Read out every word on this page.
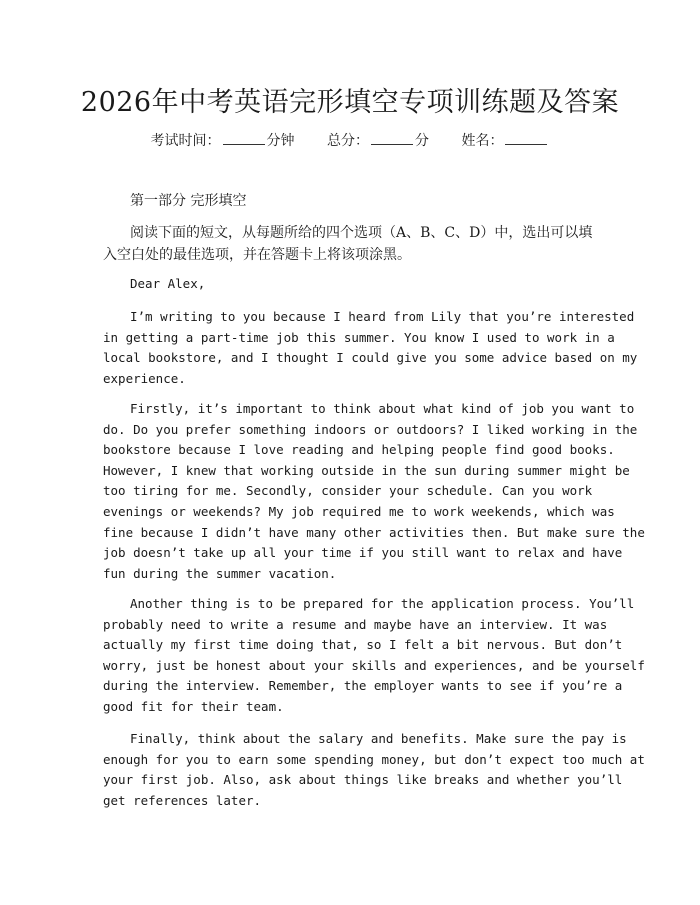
2026年中考英语完形填空专项训练题及答案
考试时间：	分钟 总分：	分 姓名：
第一部分 完形填空

阅读下面的短文，从每题所给的四个选项（A、B、C、D）中，选出可以填入空白处的最佳选项，并在答题卡上将该项涂黑。

Dear Alex,
I’m writing to you because I heard from Lily that you’re interested
in getting a part-time job this summer. You know I used to work in a
local bookstore, and I thought I could give you some advice based on my
experience.
Firstly, it’s important to think about what kind of job you want to
do. Do you prefer something indoors or outdoors? I liked working in the
bookstore because I love reading and helping people find good books.
However, I knew that working outside in the sun during summer might be
too tiring for me. Secondly, consider your schedule. Can you work
evenings or weekends? My job required me to work weekends, which was
fine because I didn’t have many other activities then. But make sure the
job doesn’t take up all your time if you still want to relax and have
fun during the summer vacation.
Another thing is to be prepared for the application process. You’ll
probably need to write a resume and maybe have an interview. It was
actually my first time doing that, so I felt a bit nervous. But don’t
worry, just be honest about your skills and experiences, and be yourself
during the interview. Remember, the employer wants to see if you’re a
good fit for their team.
Finally, think about the salary and benefits. Make sure the pay is
enough for you to earn some spending money, but don’t expect too much at
your first job. Also, ask about things like breaks and whether you’ll
get references later.
